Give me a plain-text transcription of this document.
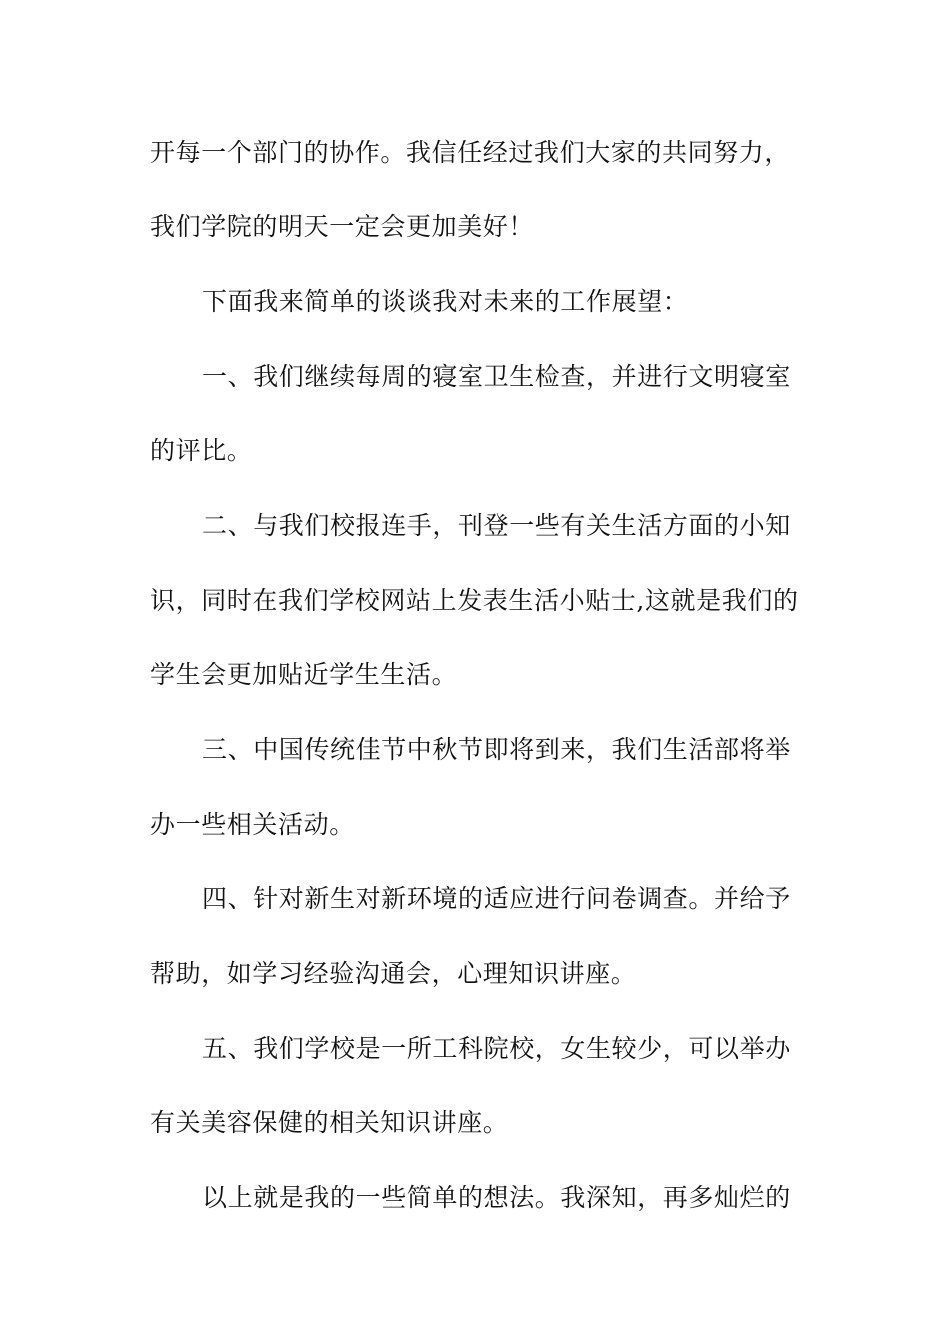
开每一个部门的协作。我信任经过我们大家的共同努力，
我们学院的明天一定会更加美好！
下面我来简单的谈谈我对未来的工作展望：
一、我们继续每周的寝室卫生检查，并进行文明寝室
的评比。
二、与我们校报连手，刊登一些有关生活方面的小知
识，同时在我们学校网站上发表生活小贴士,这就是我们的
学生会更加贴近学生生活。
三、中国传统佳节中秋节即将到来，我们生活部将举
办一些相关活动。
四、针对新生对新环境的适应进行问卷调查。并给予
帮助，如学习经验沟通会，心理知识讲座。
五、我们学校是一所工科院校，女生较少，可以举办
有关美容保健的相关知识讲座。
以上就是我的一些简单的想法。我深知，再多灿烂的
